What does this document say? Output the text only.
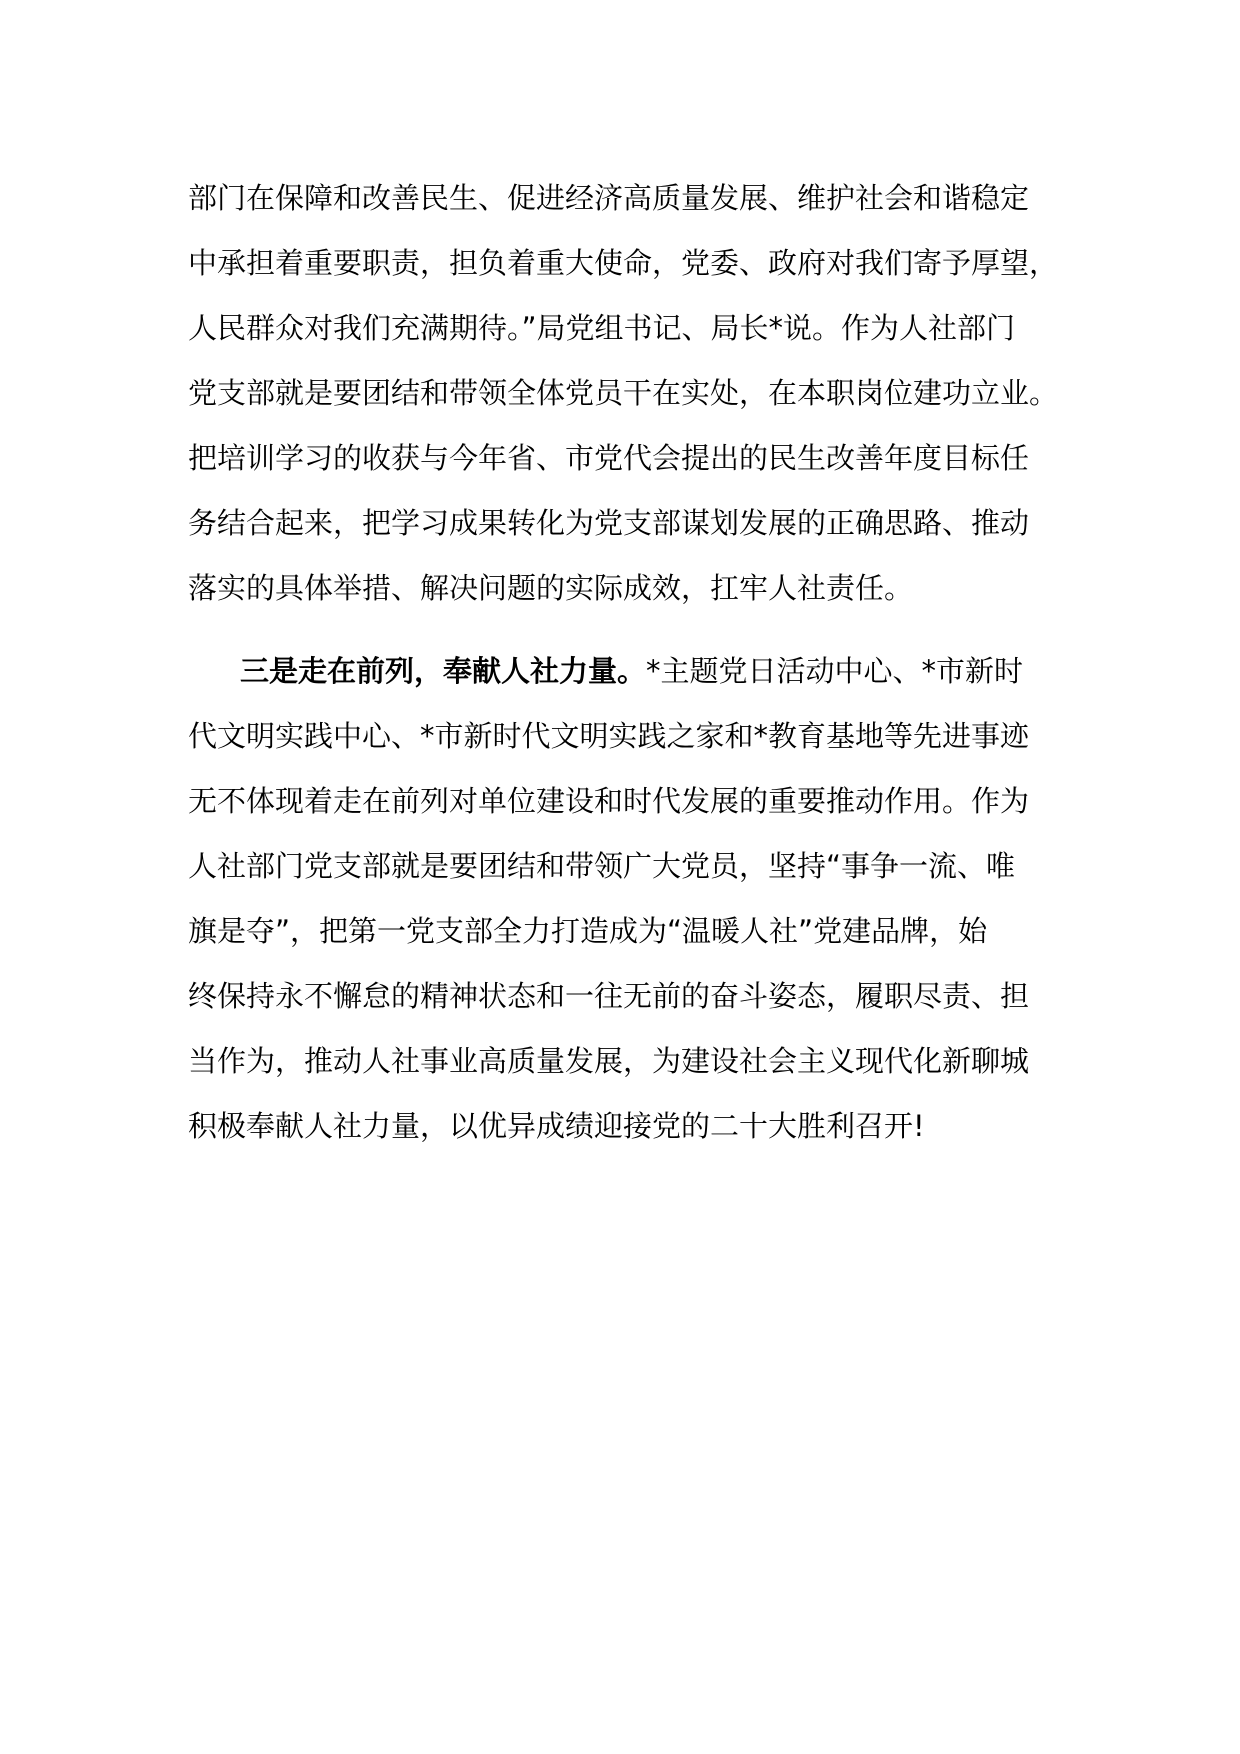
部门在保障和改善民生、促进经济高质量发展、维护社会和谐稳定
中承担着重要职责，担负着重大使命，党委、政府对我们寄予厚望，
人民群众对我们充满期待。”局党组书记、局长*说。作为人社部门
党支部就是要团结和带领全体党员干在实处，在本职岗位建功立业。
把培训学习的收获与今年省、市党代会提出的民生改善年度目标任
务结合起来，把学习成果转化为党支部谋划发展的正确思路、推动
落实的具体举措、解决问题的实际成效，扛牢人社责任。
三是走在前列，奉献人社力量。*主题党日活动中心、*市新时
代文明实践中心、*市新时代文明实践之家和*教育基地等先进事迹
无不体现着走在前列对单位建设和时代发展的重要推动作用。作为
人社部门党支部就是要团结和带领广大党员，坚持“事争一流、唯
旗是夺”，把第一党支部全力打造成为“温暖人社”党建品牌，始
终保持永不懈怠的精神状态和一往无前的奋斗姿态，履职尽责、担
当作为，推动人社事业高质量发展，为建设社会主义现代化新聊城
积极奉献人社力量，以优异成绩迎接党的二十大胜利召开!
